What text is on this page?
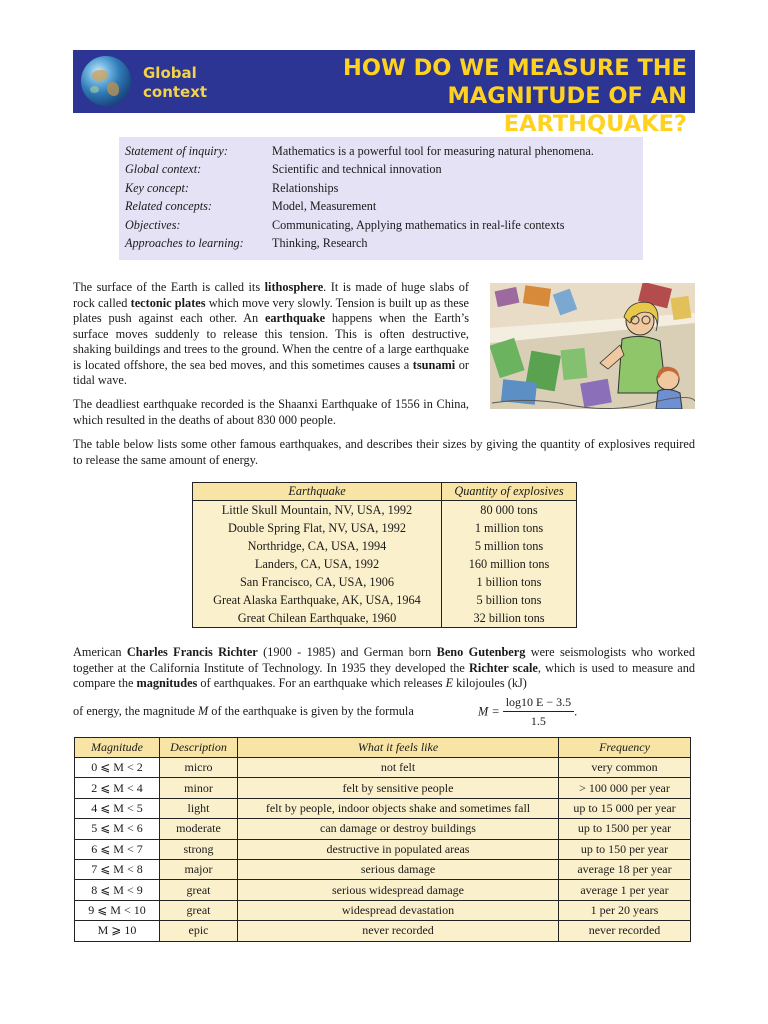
Global
context
HOW DO WE MEASURE THE MAGNITUDE OF AN EARTHQUAKE?
Statement of inquiry:	Mathematics is a powerful tool for measuring natural phenomena.
Global context:	Scientific and technical innovation
Key concept:	Relationships
Related concepts:	Model, Measurement
Objectives:	Communicating, Applying mathematics in real-life contexts
Approaches to learning:	Thinking, Research

The surface of the Earth is called its lithosphere. It is made of huge slabs of rock called tectonic plates which move very slowly. Tension is built up as these plates push against each other. An earthquake happens when the Earth’s surface moves suddenly to release this tension. This is often destructive, shaking buildings and trees to the ground. When the centre of a large earthquake is located offshore, the sea bed moves, and this sometimes causes a tsunami or tidal wave.

The deadliest earthquake recorded is the Shaanxi Earthquake of 1556 in China, which resulted in the deaths of about 830 000 people.

The table below lists some other famous earthquakes, and describes their sizes by giving the quantity of explosives required to release the same amount of energy.

Earthquake	Quantity of explosives
Little Skull Mountain, NV, USA, 1992	80 000 tons
Double Spring Flat, NV, USA, 1992	1 million tons
Northridge, CA, USA, 1994	5 million tons
Landers, CA, USA, 1992	160 million tons
San Francisco, CA, USA, 1906	1 billion tons
Great Alaska Earthquake, AK, USA, 1964	5 billion tons
Great Chilean Earthquake, 1960	32 billion tons

American Charles Francis Richter (1900 - 1985) and German born Beno Gutenberg were seismologists who worked together at the California Institute of Technology. In 1935 they developed the Richter scale, which is used to measure and compare the magnitudes of earthquakes. For an earthquake which releases E kilojoules (kJ)

of energy, the magnitude M of the earthquake is given by the formula	$M = \frac{\log 10 E - 3.5}{1.5}$ .
Magnitude	Description	What it feels like	Frequency
0 ⩽ M < 2	micro	not felt	very common
2 ⩽ M < 4	minor	felt by sensitive people	> 100 000 per year
4 ⩽ M < 5	light	felt by people, indoor objects shake and sometimes fall	up to 15 000 per year
5 ⩽ M < 6	moderate	can damage or destroy buildings	up to 1500 per year
6 ⩽ M < 7	strong	destructive in populated areas	up to 150 per year
7 ⩽ M < 8	major	serious damage	average 18 per year
8 ⩽ M < 9	great	serious widespread damage	average 1 per year
9 ⩽ M < 10	great	widespread devastation	1 per 20 years
M ⩾ 10	epic	never recorded	never recorded
